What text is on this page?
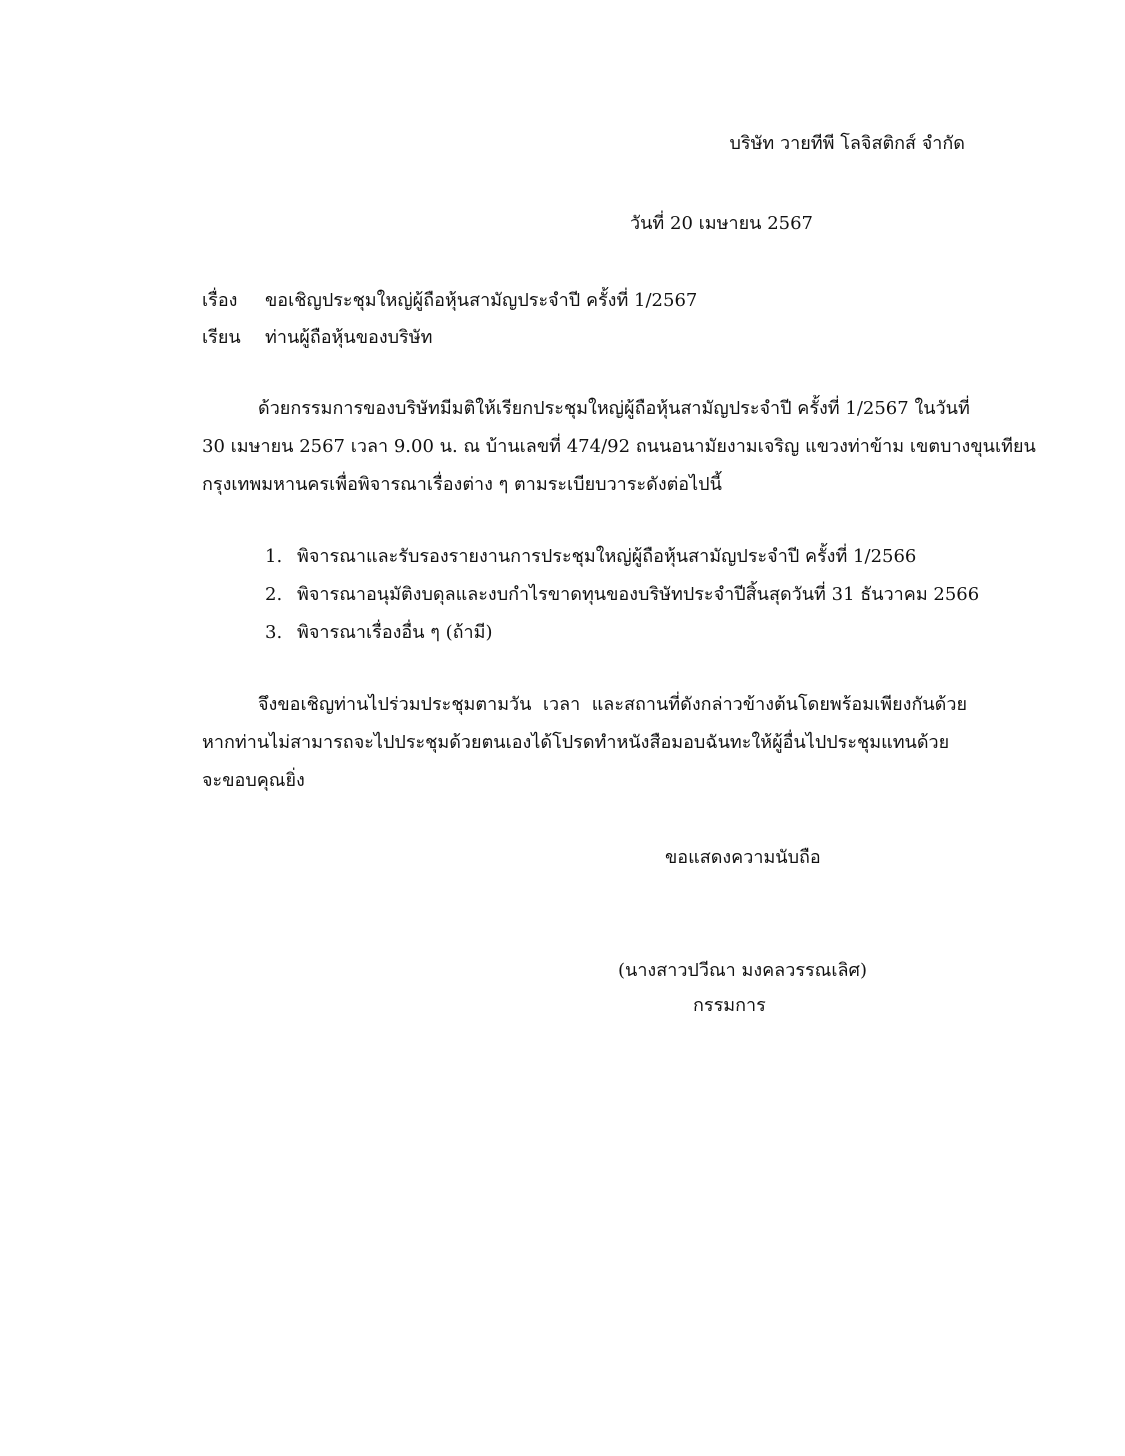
บริษัท วายทีพี โลจิสติกส์ จำกัด
วันที่ 20 เมษายน 2567
เรื่อง ขอเชิญประชุมใหญ่ผู้ถือหุ้นสามัญประจำปี ครั้งที่ 1/2567
เรียน ท่านผู้ถือหุ้นของบริษัท
ด้วยกรรมการของบริษัทมีมติให้เรียกประชุมใหญ่ผู้ถือหุ้นสามัญประจำปี ครั้งที่ 1/2567 ในวันที่
30 เมษายน 2567 เวลา 9.00 น. ณ บ้านเลขที่ 474/92 ถนนอนามัยงามเจริญ แขวงท่าข้าม เขตบางขุนเทียน
กรุงเทพมหานครเพื่อพิจารณาเรื่องต่าง ๆ ตามระเบียบวาระดังต่อไปนี้
1. พิจารณาและรับรองรายงานการประชุมใหญ่ผู้ถือหุ้นสามัญประจำปี ครั้งที่ 1/2566
2. พิจารณาอนุมัติงบดุลและงบกำไรขาดทุนของบริษัทประจำปีสิ้นสุดวันที่ 31 ธันวาคม 2566
3. พิจารณาเรื่องอื่น ๆ (ถ้ามี)
จึงขอเชิญท่านไปร่วมประชุมตามวัน เวลา และสถานที่ดังกล่าวข้างต้นโดยพร้อมเพียงกันด้วย
หากท่านไม่สามารถจะไปประชุมด้วยตนเองได้โปรดทำหนังสือมอบฉันทะให้ผู้อื่นไปประชุมแทนด้วย
จะขอบคุณยิ่ง
ขอแสดงความนับถือ
(นางสาวปวีณา มงคลวรรณเลิศ)
กรรมการ
